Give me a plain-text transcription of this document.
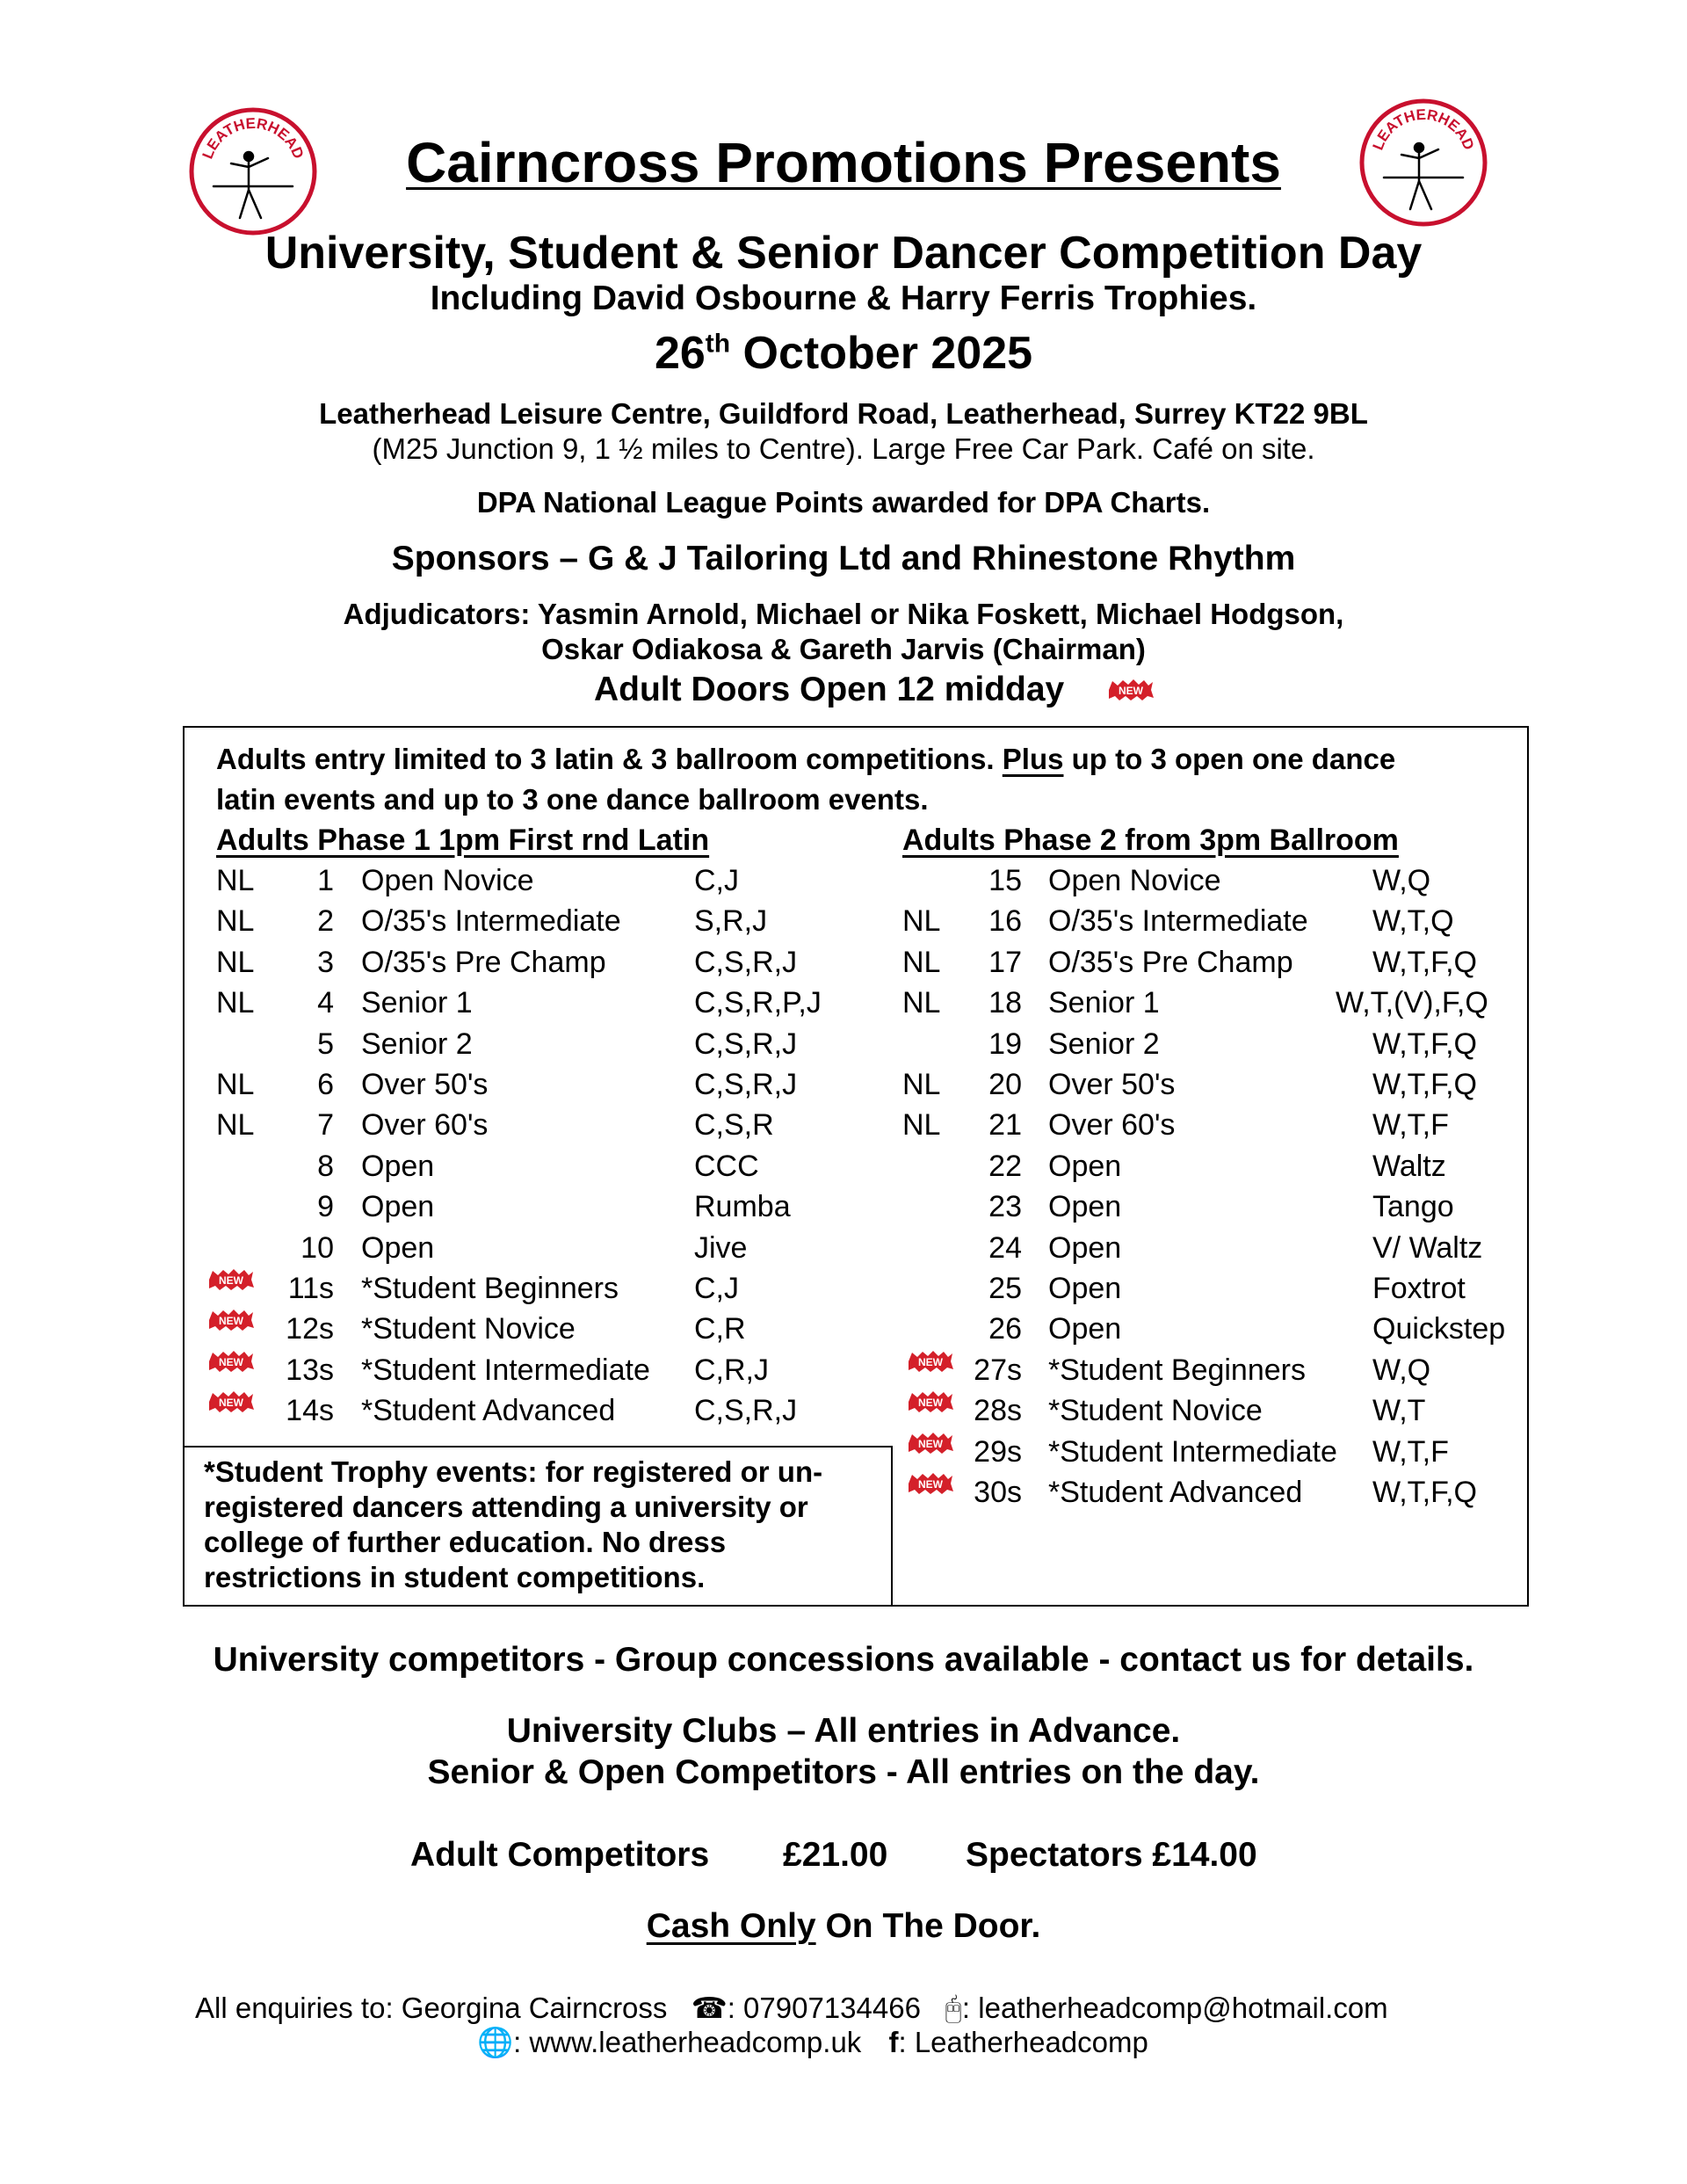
LEATHERHEAD	LEATHERHEAD
Cairncross Promotions Presents
University, Student & Senior Dancer Competition Day
Including David Osbourne & Harry Ferris Trophies.
26th October 2025
Leatherhead Leisure Centre, Guildford Road, Leatherhead, Surrey KT22 9BL
(M25 Junction 9, 1 ½ miles to Centre). Large Free Car Park. Café on site.
DPA National League Points awarded for DPA Charts.
Sponsors – G & J Tailoring Ltd and Rhinestone Rhythm
Adjudicators: Yasmin Arnold, Michael or Nika Foskett, Michael Hodgson,
Oskar Odiakosa & Gareth Jarvis (Chairman)
Adult Doors Open 12 midday	NEW
Adults entry limited to 3 latin & 3 ballroom competitions. Plus up to 3 open one dance
latin events and up to 3 one dance ballroom events.
Adults Phase 1 1pm First rnd Latin	Adults Phase 2 from 3pm Ballroom
NL 1 Open Novice	C,J
NL 2 O/35's Intermediate S,R,J
NL 3 O/35's Pre Champ	C,S,R,J
NL 4 Senior 1	C,S,R,P,J
5 Senior 2	C,S,R,J
NL 6 Over 50's	C,S,R,J
NL 7 Over 60's	C,S,R
8 Open	CCC
9 Open	Rumba
10 Open	Jive
NEW 11s *Student Beginners	C,J
NEW 12s *Student Novice	C,R
NEW 13s *Student Intermediate C,R,J
NEW 14s *Student Advanced	C,S,R,J
15 Open Novice	W,Q
NL 16 O/35's Intermediate W,T,Q
NL 17 O/35's Pre Champ	W,T,F,Q
NL 18 Senior 1	W,T,(V),F,Q
19 Senior 2	W,T,F,Q
NL 20 Over 50's	W,T,F,Q
NL 21 Over 60's	W,T,F
22 Open	Waltz
23 Open	Tango
24 Open	V/ Waltz
25 Open	Foxtrot
26 Open	Quickstep
NEW 27s *Student Beginners W,Q
NEW 28s *Student Novice	W,T
NEW 29s *Student Intermediate W,T,F
NEW 30s *Student Advanced W,T,F,Q
*Student Trophy events: for registered or un-
registered dancers attending a university or
college of further education. No dress
restrictions in student competitions.
University competitors - Group concessions available - contact us for details.
University Clubs – All entries in Advance.
Senior & Open Competitors - All entries on the day.
Adult Competitors £21.00 Spectators £14.00
Cash Only On The Door.
All enquiries to: Georgina Cairncross ☎: 07907134466 🖰: leatherheadcomp@hotmail.com
🌐: www.leatherheadcomp.uk f: Leatherheadcomp
